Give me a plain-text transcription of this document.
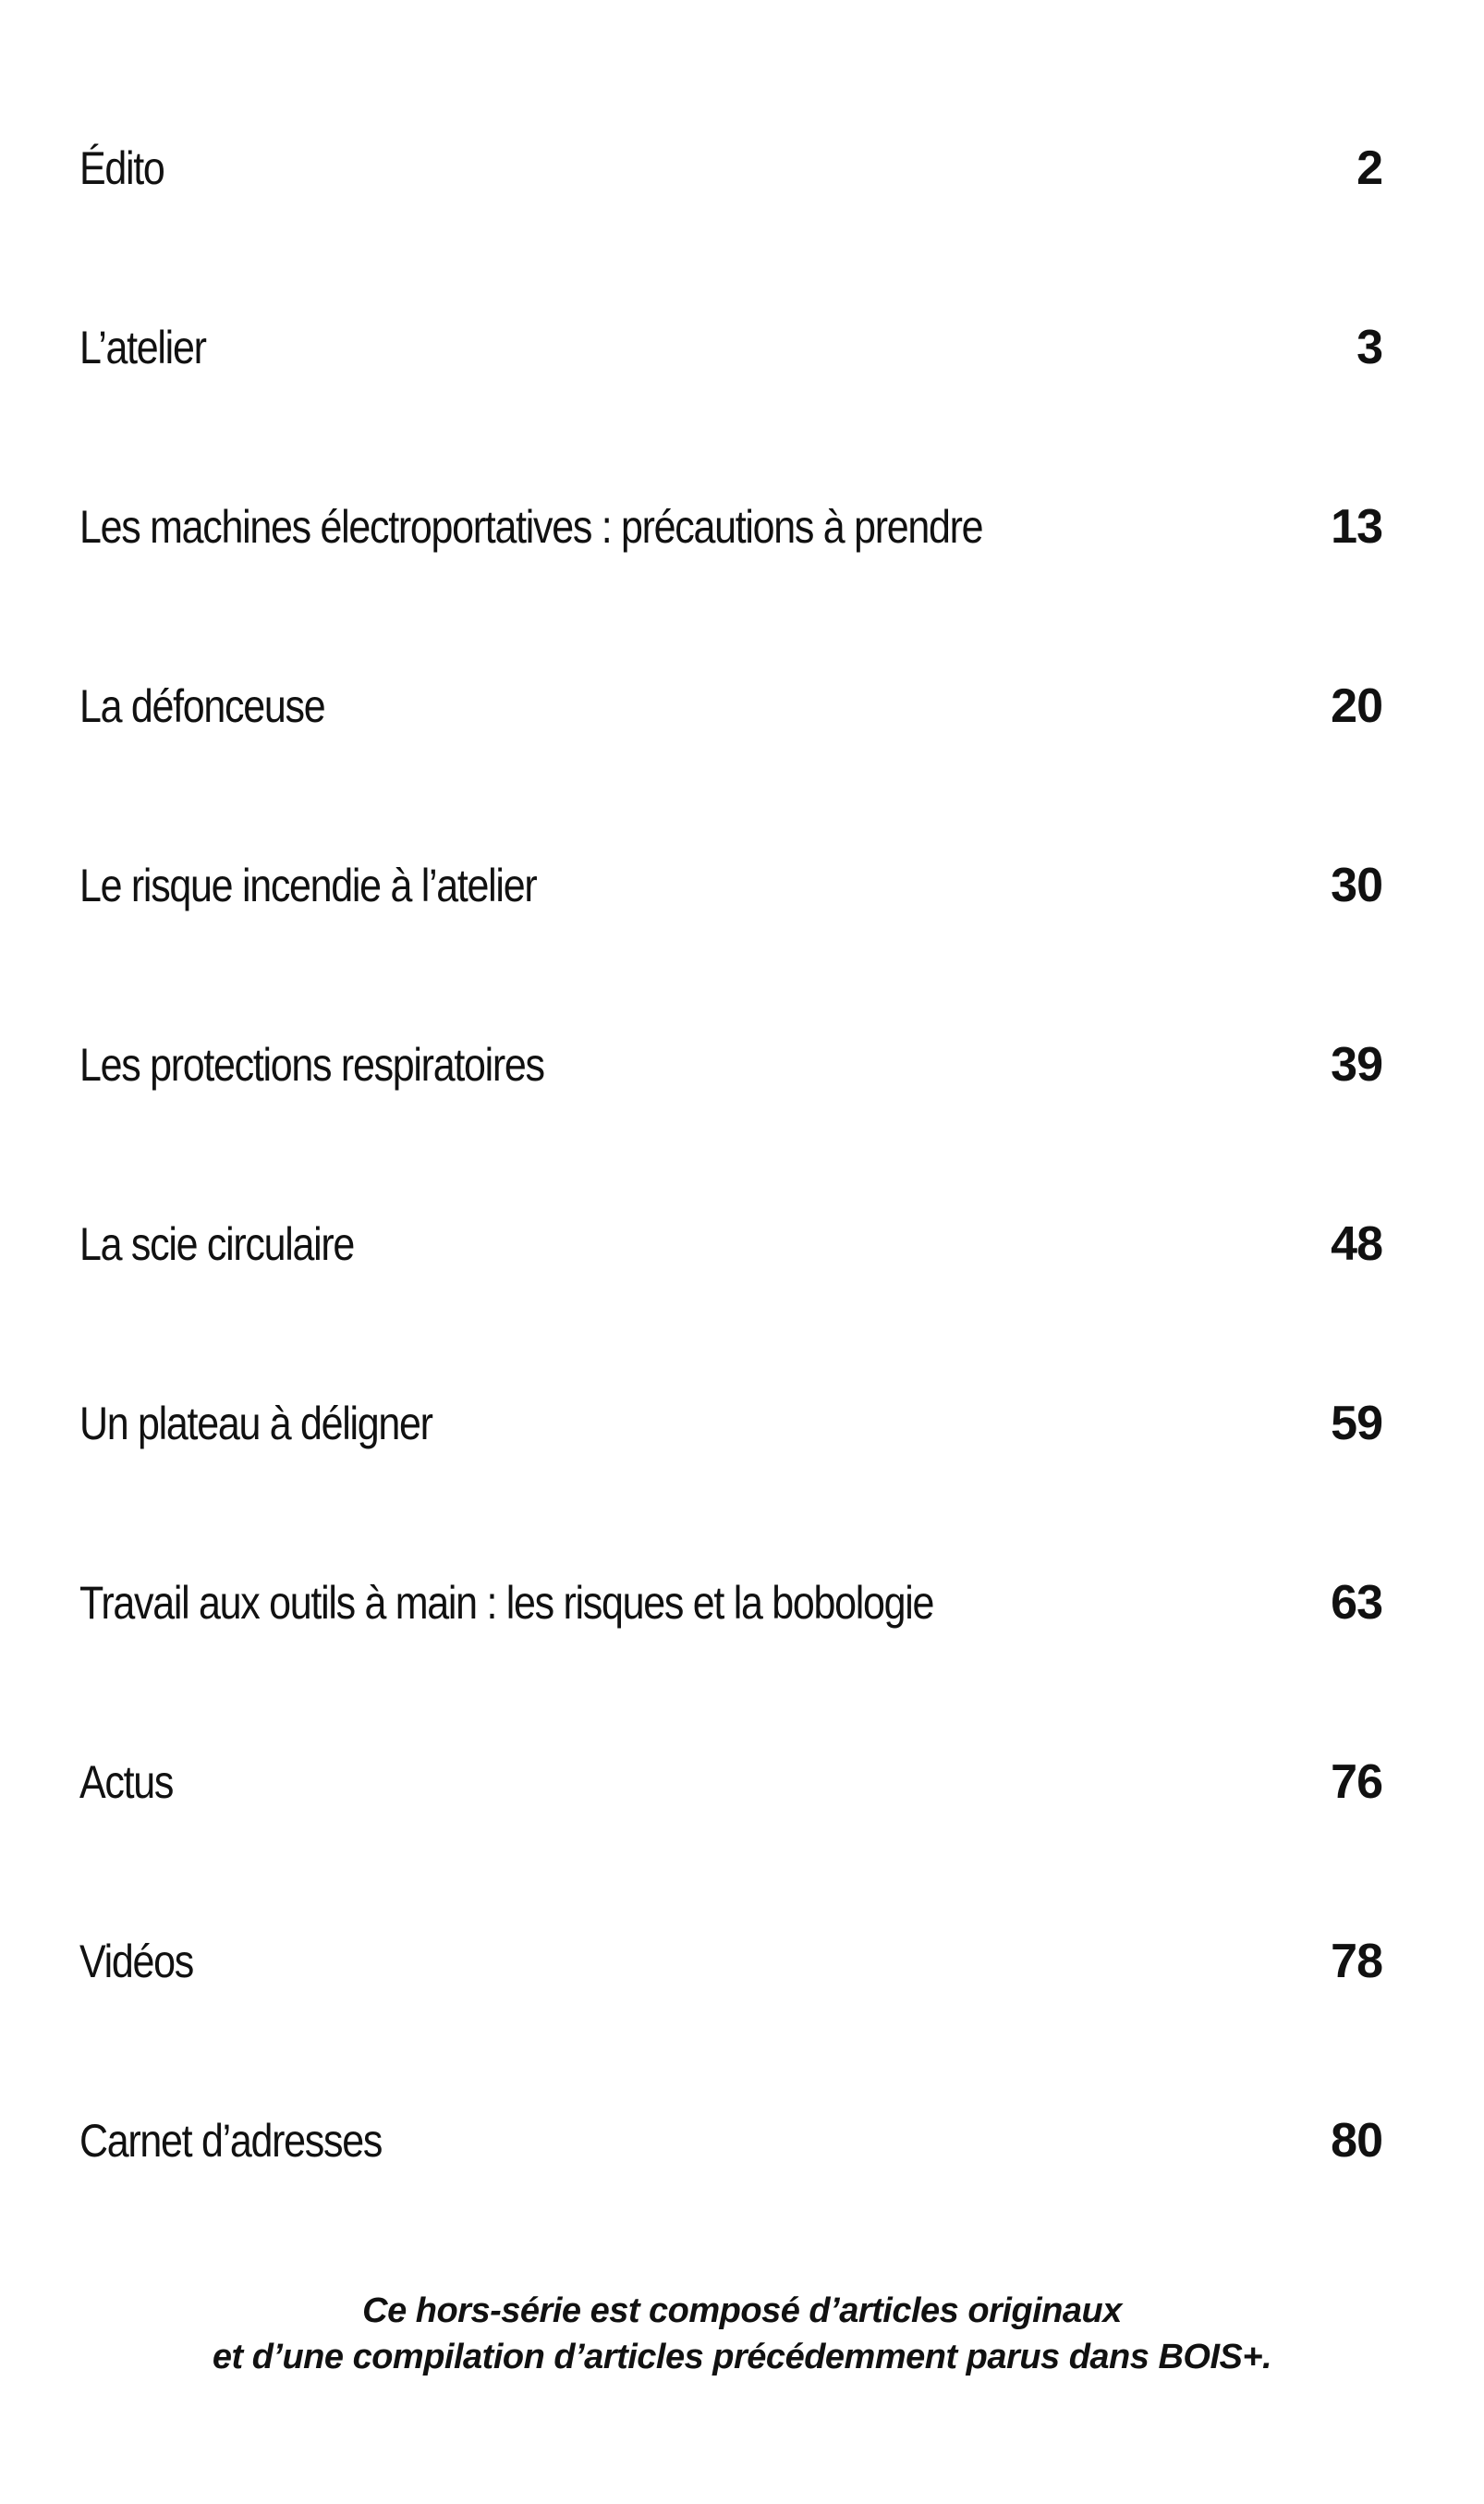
Édito	2
L’atelier	3
Les machines électroportatives : précautions à prendre	13
La défonceuse	20
Le risque incendie à l’atelier	30
Les protections respiratoires	39
La scie circulaire	48
Un plateau à déligner	59
Travail aux outils à main : les risques et la bobologie	63
Actus	76
Vidéos	78
Carnet d’adresses	80
Ce hors-série est composé d’articles originaux
et d’une compilation d’articles précédemment parus dans BOIS+.
